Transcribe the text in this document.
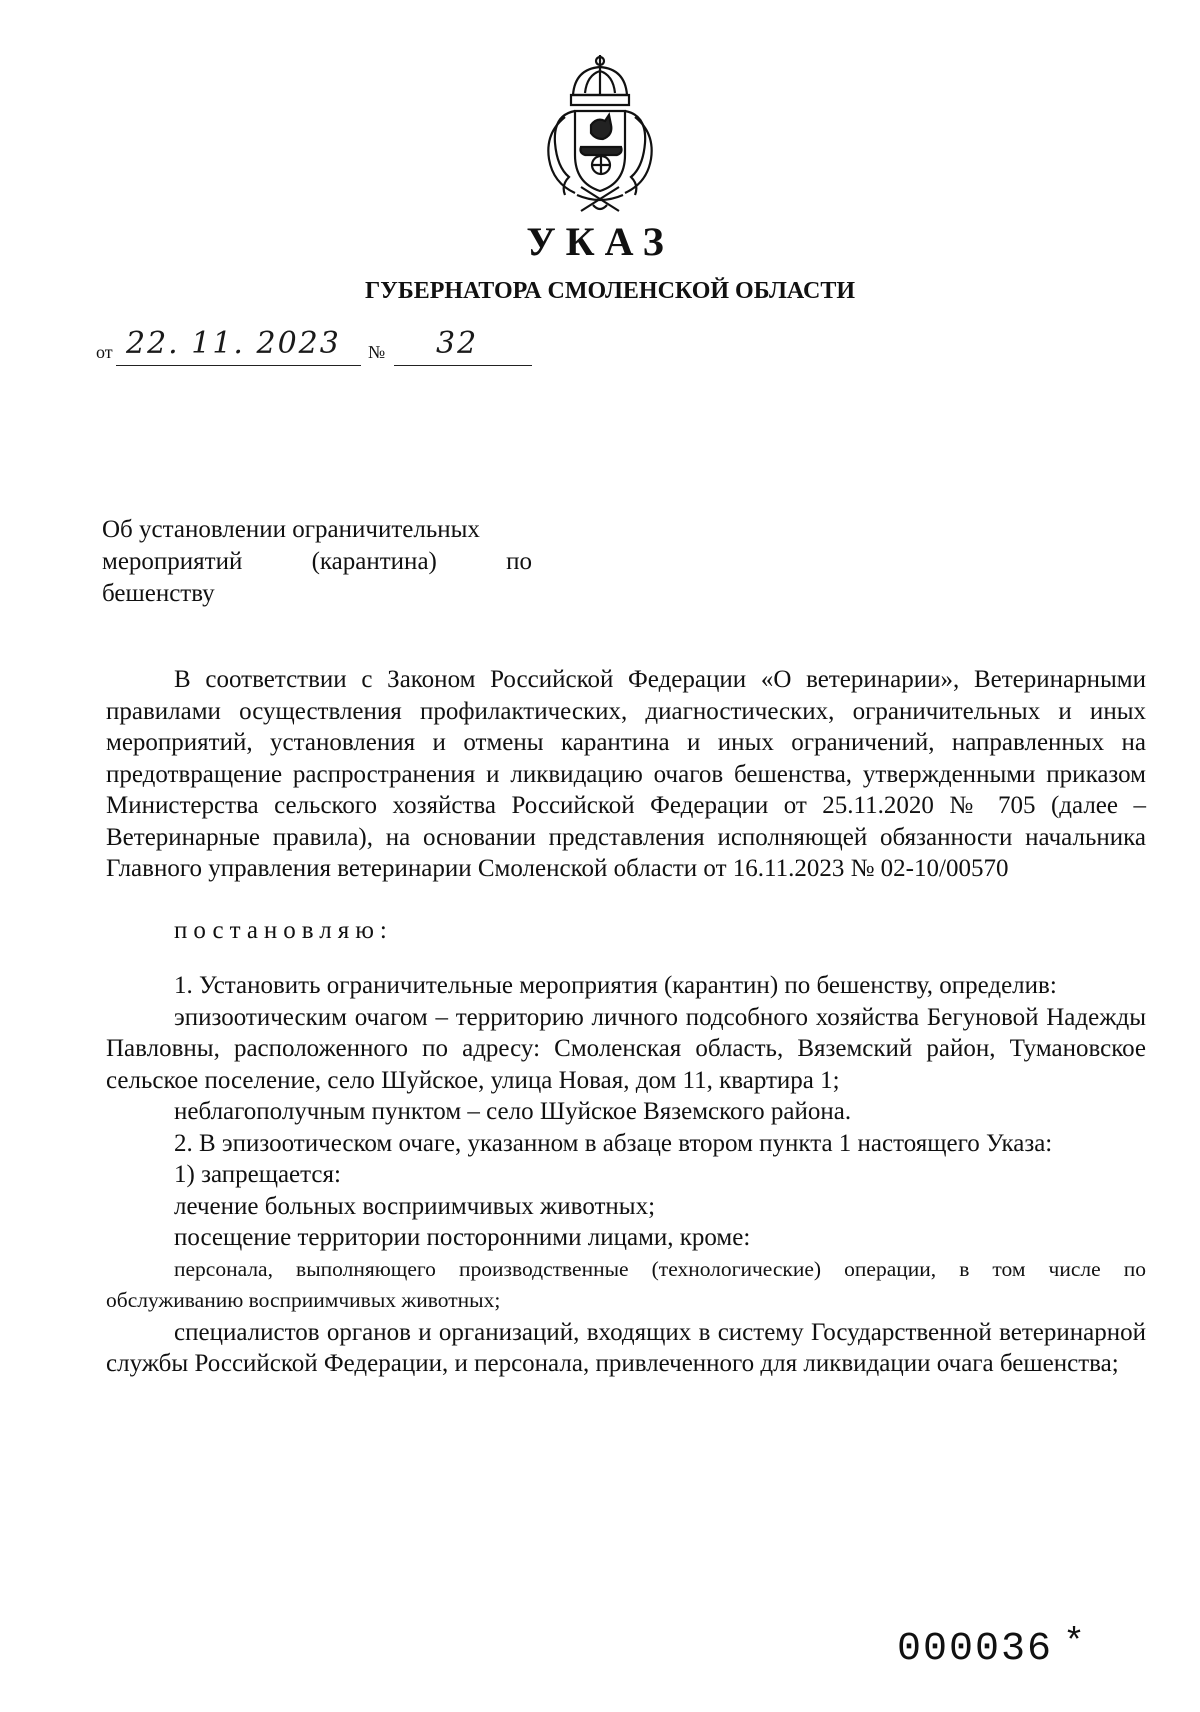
УКАЗ
ГУБЕРНАТОРА СМОЛЕНСКОЙ ОБЛАСТИ
от 22. 11. 2023 № 32
Об установлении ограничительных
мероприятий	(карантина)	по
бешенству

В соответствии с Законом Российской Федерации «О ветеринарии», Ветеринарными правилами осуществления профилактических, диагностических, ограничительных и иных мероприятий, установления и отмены карантина и иных ограничений, направленных на предотвращение распространения и ликвидацию очагов бешенства, утвержденными приказом Министерства сельского хозяйства Российской Федерации от 25.11.2020 № 705 (далее – Ветеринарные правила), на основании представления исполняющей обязанности начальника Главного управления ветеринарии Смоленской области от 16.11.2023 № 02-10/00570

постановляю:

1. Установить ограничительные мероприятия (карантин) по бешенству, определив:

эпизоотическим очагом – территорию личного подсобного хозяйства Бегуновой Надежды Павловны, расположенного по адресу: Смоленская область, Вяземский район, Тумановское сельское поселение, село Шуйское, улица Новая, дом 11, квартира 1;

неблагополучным пунктом – село Шуйское Вяземского района.

2. В эпизоотическом очаге, указанном в абзаце втором пункта 1 настоящего Указа:

1) запрещается:

лечение больных восприимчивых животных;

посещение территории посторонними лицами, кроме:

персонала, выполняющего производственные (технологические) операции, в том числе по обслуживанию восприимчивых животных;

специалистов органов и организаций, входящих в систему Государственной ветеринарной службы Российской Федерации, и персонала, привлеченного для ликвидации очага бешенства;

000036 *
